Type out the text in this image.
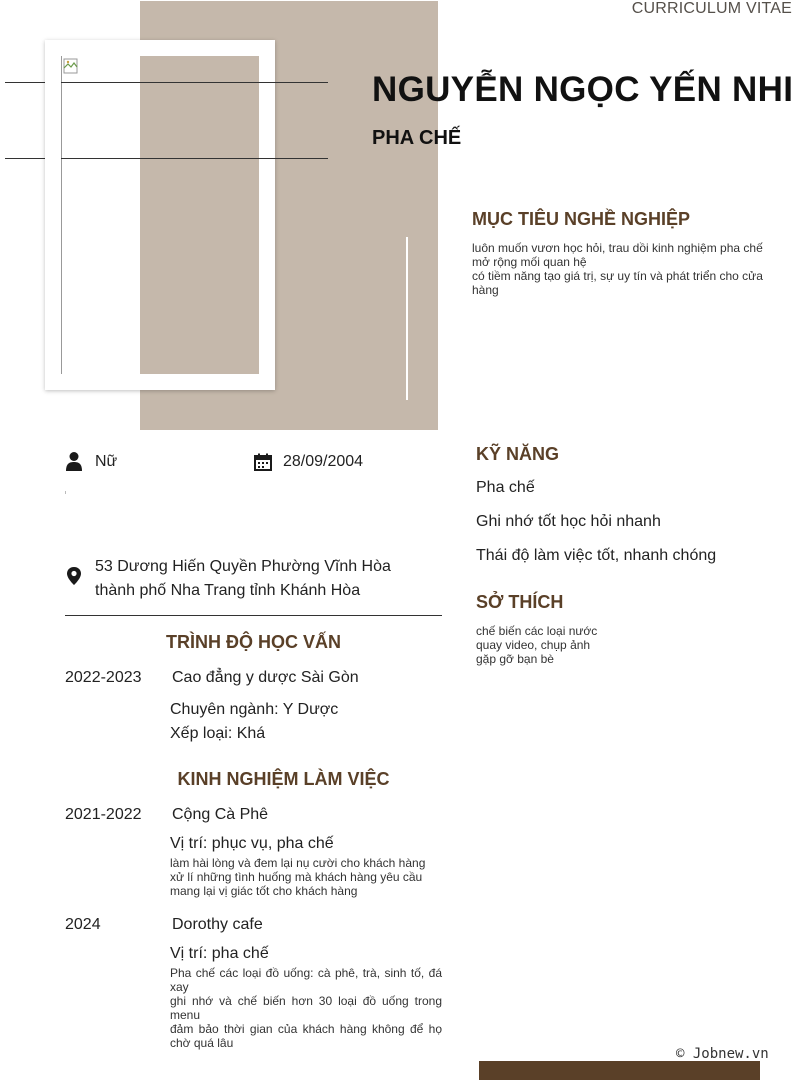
CURRICULUM VITAE
NGUYỄN NGỌC YẾN NHI
PHA CHẾ
MỤC TIÊU NGHỀ NGHIỆP
luôn muốn vươn học hỏi, trau dồi kinh nghiệm pha chế
mở rộng mối quan hệ
có tiềm năng tạo giá trị, sự uy tín và phát triển cho cửa hàng
Nữ	28/09/2004
53 Dương Hiến Quyền Phường Vĩnh Hòa
thành phố Nha Trang tỉnh Khánh Hòa
TRÌNH ĐỘ HỌC VẤN
2022-2023 Cao đẳng y dược Sài Gòn
Chuyên ngành: Y Dược
Xếp loại: Khá
KINH NGHIỆM LÀM VIỆC
2021-2022 Cộng Cà Phê
Vị trí: phục vụ, pha chế
làm hài lòng và đem lại nụ cười cho khách hàng
xử lí những tình huống mà khách hàng yêu cầu
mang lại vị giác tốt cho khách hàng
2024	Dorothy cafe
Vị trí: pha chế
Pha chế các loại đồ uống: cà phê, trà, sinh tố, đá xay
ghi nhớ và chế biến hơn 30 loại đồ uống trong menu
đảm bảo thời gian của khách hàng không để họ chờ quá lâu
KỸ NĂNG
Pha chế
Ghi nhớ tốt học hỏi nhanh
Thái độ làm việc tốt, nhanh chóng
SỞ THÍCH
chế biến các loại nước
quay video, chụp ảnh
gặp gỡ bạn bè
© Jobnew.vn
